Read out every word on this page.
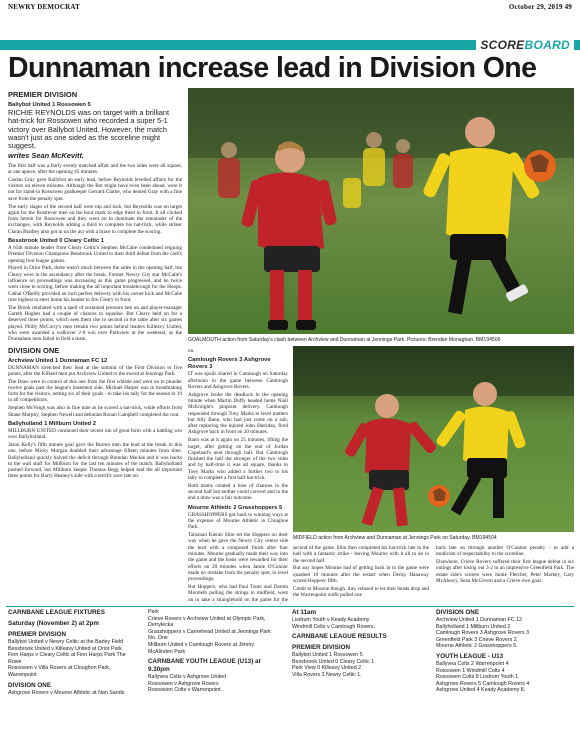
NEWRY DEMOCRAT	October 29, 2019 49
SCOREBOARD
Dunnaman increase lead in Division One
PREMIER DIVISION
Ballybot United 1 Rossowen 5
RICHIE REYNOLDS was on target with a brilliant hat-trick for Rossowen who recorded a super 5-1 victory over Ballybot United. However, the match wasn't just as one sided as the scoreline might suggest,
writes Sean McKevitt.

The first half was a fairly evenly matched affair and the two sides were all square, at one apiece, after the opening 45 minutes.

Caolan Gray gave Ballybot an early lead, before Reynolds levelled affairs for the visitors on eleven minutes. Although the Bot might have even been ahead, were it not for stand-in Rossowen goalkeeper Gerrard Clarke, who denied Gray with a fine save from the penalty spot.

The early stages of the second half were nip and tuck, but Reynolds was on target again for the Rostrevor men on the hour mark to edge them in front. It all clicked from herein for Rossowen and they went on to dominate the remainder of the exchanges, with Reynolds adding a third to complete his hat-trick, while striker Ciaran Bradley also got in on the act with a brace to complete the scoring.

Bessbrook United 0 Cleary Celtic 1

A 65th minute header from Cleary Celtic's Stephen McCabe condemned reigning Premier Division Champions Bessbrook United to their third defeat from the club's opening four league games.

Played in Orior Park, there wasn't much between the sides in the opening half, but Cleary were in the ascendancy after the break. Former Newry City star McCabe's influence on proceedings was increasing as this game progressed, and he twice went close to scoring, before making the all important breakthrough for the Hoops. Cathal O'Reilly provided an inch perfect delivery with his corner kick and McCabe rose highest to steer home his header to fire Cleary in front.

The Brook retaliated with a spell of sustained pressure late on and player-manager Gareth Hughes had a couple of chances to equalise. But Cleary held on for a deserved three points, which sees them rise to second in the table after six games played. Philly McCorry's men remain two points behind leaders Killeavy United, who were awarded a walkover 2-0 win over Parkview at the weekend, as the Drumalane men failed to field a team.

DIVISION ONE
Archview United 1 Dunnaman FC 12

DUNNAMAN stretched their lead at the summit of the First Division to five points, after the Kilkeel men put Archview United to the sword at Jennings Park.

The Dons were in control of this one from the first whistle and went on to plunder twelve goals past the league's basement side. Michael Harper was in breathtaking form for the visitors, netting six of their goals - to take his tally for the season to 19 in all competitions.

Stephen McVeigh was also in fine tune as he scored a hat-trick, while efforts from Shane Murphy, Stephen Newell and debutant Ronan Campbell completed the rout.

Ballyholland 1 Millburn United 2

MILLBURN UNITED continued their recent run of great form with a battling win over Ballyholland.

Jason Kelly's fifth minute goal gave the Burren men the lead at the break in this one, before Micky Morgan doubled their advantage fifteen minutes from time. Ballyholland quickly halved the deficit through Brendan Mackle and it was backs to the wall stuff for Millburn for the last ten minutes of the match. Ballyholland pushed forward, but Millburn keeper Thomas Begg helped seal the all important three points for Barry Heaney's side with a terrific save late on.

GOALMOUTH action from Saturday's clash between Archview and Dunnaman at Jennings Park. Pictures: Brendan Monaghan. BM194505

on.

Camlough Rovers 3 Ashgrove Rovers 3

IT was spoils shared in Camlough on Saturday afternoon in the game between Camlough Rovers and Ashgrove Rovers.

Ashgrove broke the deadlock in the opening minute when Martin Duffy headed home Niall McEnright's pinpoint delivery. Camlough responded through Tony Marks to level matters but Ally Bann, who had just come on a sub, after replacing the injured John Sheridan, fired Ashgrove back in front on 20 minutes.

Bann was at it again on 25 minutes, lifting the target, after getting on the end of Jordan Copeland's neat through ball. But Camlough finished the half the stronger of the two sides and by half-time it was all square, thanks to Toey Marks who added a further two to his tally to complete a first half hat-trick.

Both teams created a host of chances in the second half but neither could convert and in the end a draw was a fair outcome.

Mourne Athletic 2 Grasshoppers 5

GRASSHOPPERS got back to winning ways at the expense of Mourne Athletic in Cloughoe Park.

Talisman Kieran Slim set the Hoppers on their way when he gave the Newry City centre side the lead with a composed finish after four minutes. Mourne gradually made their way into the game and the hosts were rewarded for their efforts on 20 minutes when Jamie O'Connor made no mistake from the penalty spot, to level proceedings.

But Hoppers, who had Paul Toner and Darren Montieth pulling the strings in midfield, went on to take a stranglehold on the game for the

MIDFIELD action from Archview and Dunnaman at Jennings Park on Saturday. BM194504

second of the game. Slim then completed his hat-trick late in the half with a fantastic strike - leaving Mourne with it all to do in the second half.

But any hopes Mourne had of getting back in to the game were quashed 10 minutes after the restart when Decky Hanaway scored Hoppers' fifth.

Credit to Mourne though, they refused to let their heads drop and the Warrenpoint outfit pulled one

back late on through another O'Connor penalty - to add a modicum of respectability to the scoreline.

Elsewhere, Crieve Rovers suffered their first league defeat in six outings after losing out 3-2 to an impressive Greenfield Park. The estate side's scorers were Jamie Fletcher, Peter Markey, Gary McAleavy, Sean McGivern and a Crieve own goal.

CARNBANE LEAGUE FIXTURES
Saturday (November 2) at 2pm
PREMIER DIVISION
Ballybot United v Newry Celtic at the Barley Field
Bessbrook United v Killeavy United at Orior Park
Finn Harps v Cleary Celtic at Finn Harps Park The Rowe
Rossowen v Villa Rovers at Cloughon Park, Warrenpoint
DIVISION ONE
Ashgrove Rovers v Mourne Athletic at Nan Sands
Park
Crieve Rovers v Archview United at Olympic Park, Derrylecka
Grasshoppers v Carnehead United at Jennings Park No. One
Millburn United v Camlough Rovers at Jimmy McAlinden Park
CARNBANE YOUTH LEAGUE (U13) at 9.30pm
Ballyvea Colts v Ashgrove United
Rossowen v Ashgrove Rovers
Rossowen Colts v Warrenpoint.
At 11am
Lisdrum Youth v Keady Academy
Windmill Colts v Camlough Rovers.
CARNBANE LEAGUE RESULTS
PREMIER DIVISION
Ballybot United 1 Rossowen 5
Bessbrook United 0 Cleary Celtic 1
Park View 0 Killeavy United 2
Villa Rovers 3 Newry Celtic 1.
DIVISION ONE
Archview United 1 Dunnaman FC 12
Ballyholland 1 Millburn United 2
Camlough Rovers 3 Ashgrove Rovers 3
Greenfield Park 3 Crieve Rovers 2
Mourne Athletic 2 Grasshoppers 5.
YOUTH LEAGUE - U13
Ballyvea Colts 2 Warrenpoint 4
Rossowen 1 Windmill Colts 4
Rossowen Colts 8 Lisdrum Youth 1
Ashgrove Rovers 5 Camlough Rovers 4
Ashgrove United 4 Keady Academy 8.
